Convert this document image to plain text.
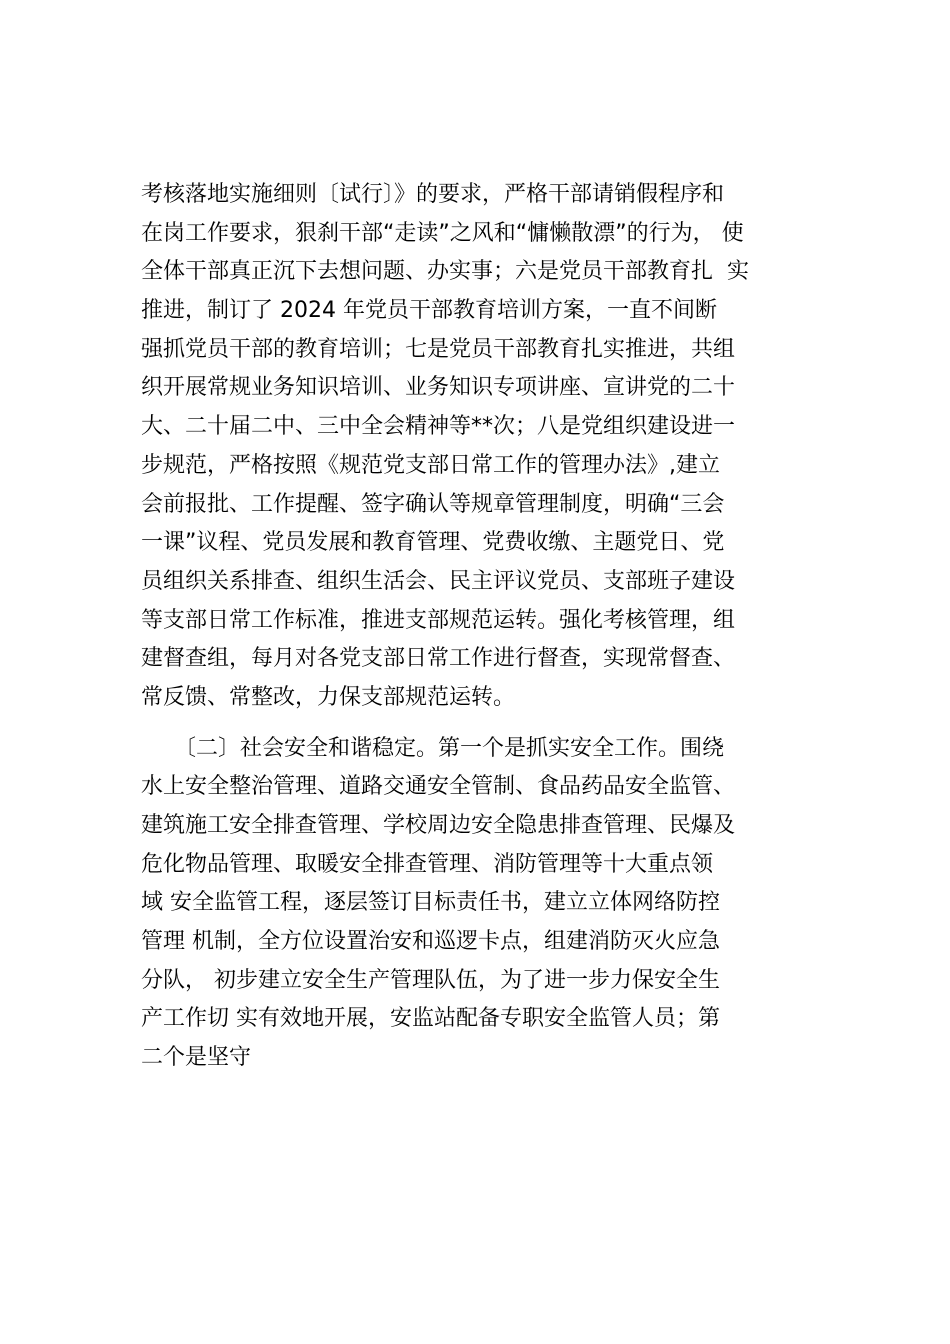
考核落地实施细则〔试行〕》的要求，严格干部请销假程序和
在岗工作要求，狠刹干部“走读”之风和“慵懒散漂”的行为， 使
全体干部真正沉下去想问题、办实事；六是党员干部教育扎  实
推进，制订了 2024 年党员干部教育培训方案，一直不间断
强抓党员干部的教育培训；七是党员干部教育扎实推进，共组
织开展常规业务知识培训、业务知识专项讲座、宣讲党的二十
大、二十届二中、三中全会精神等**次；八是党组织建设进一
步规范，严格按照《规范党支部日常工作的管理办法》,建立
会前报批、工作提醒、签字确认等规章管理制度，明确“三会
一课”议程、党员发展和教育管理、党费收缴、主题党日、党
员组织关系排查、组织生活会、民主评议党员、支部班子建设
等支部日常工作标准，推进支部规范运转。强化考核管理，组
建督查组，每月对各党支部日常工作进行督查，实现常督查、
常反馈、常整改，力保支部规范运转。
　　〔二〕社会安全和谐稳定。第一个是抓实安全工作。围绕
水上安全整治管理、道路交通安全管制、食品药品安全监管、
建筑施工安全排查管理、学校周边安全隐患排查管理、民爆及
危化物品管理、取暖安全排查管理、消防管理等十大重点领
域 安全监管工程，逐层签订目标责任书，建立立体网络防控
管理 机制，全方位设置治安和巡逻卡点，组建消防灭火应急
分队， 初步建立安全生产管理队伍，为了进一步力保安全生
产工作切 实有效地开展，安监站配备专职安全监管人员；第
二个是坚守
